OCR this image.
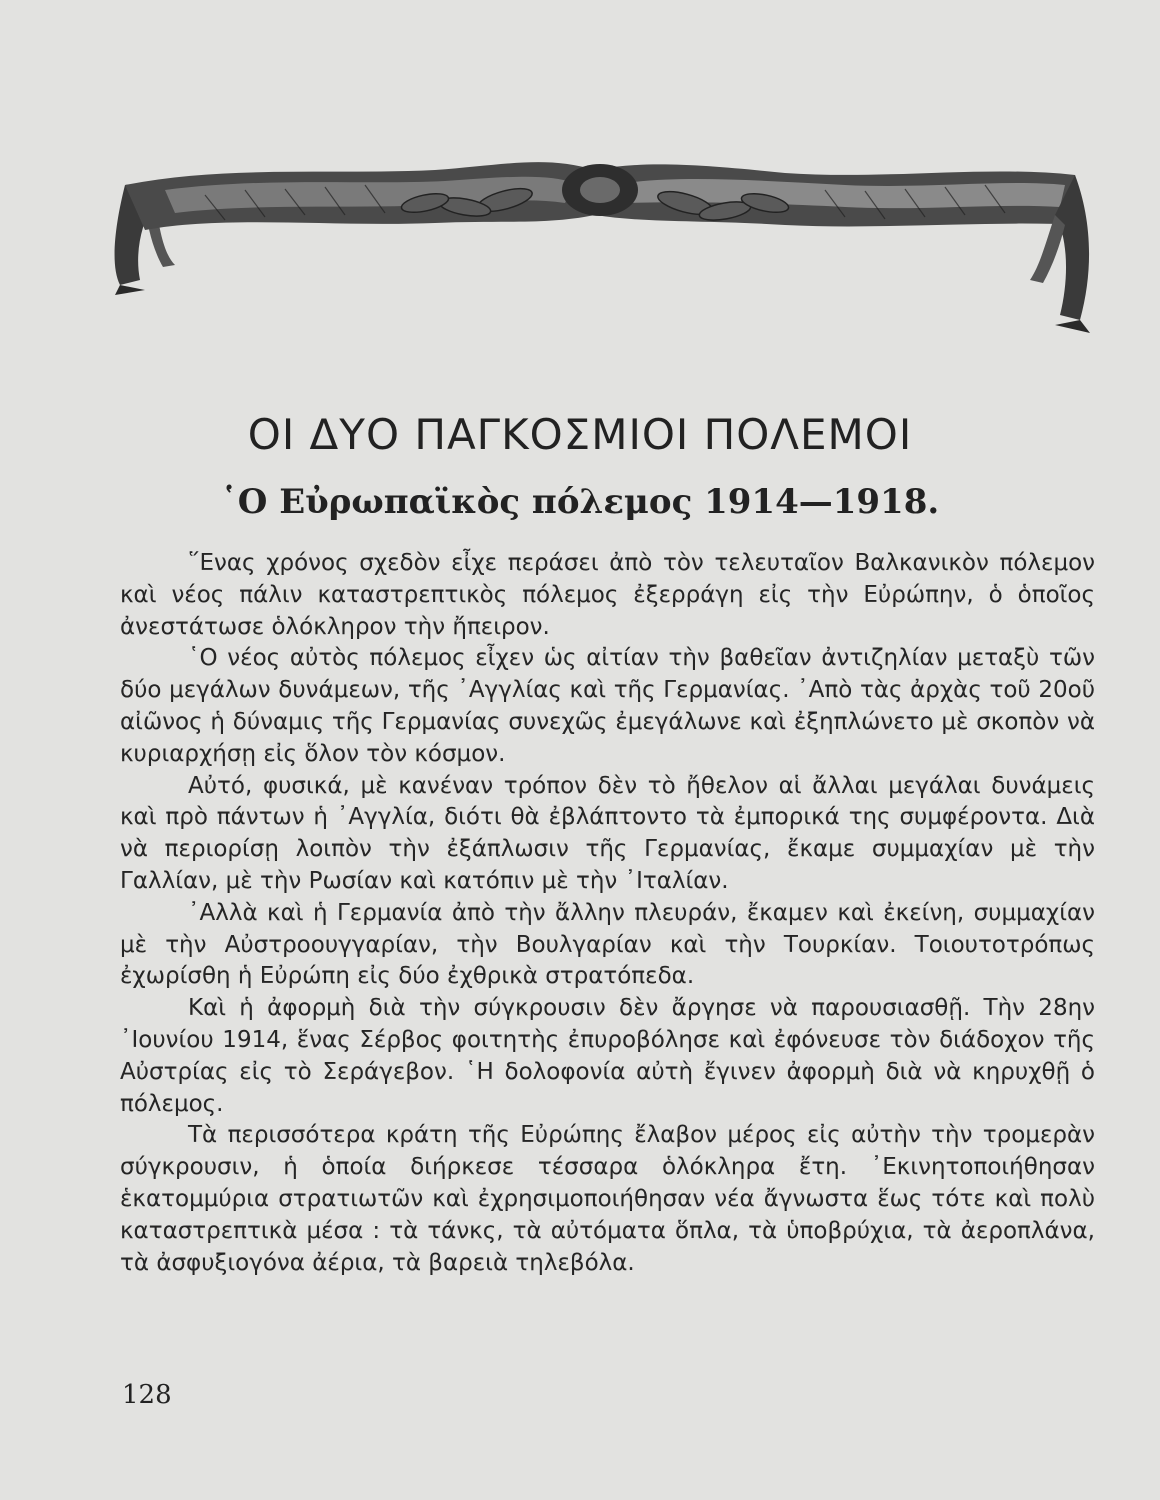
ΟΙ ΔΥΟ ΠΑΓΚΟΣΜΙΟΙ ΠΟΛΕΜΟΙ
῾Ο Εὐρωπαϊκὸς πόλεμος 1914—1918.

῞Ενας χρόνος σχεδὸν εἶχε περάσει ἀπὸ τὸν τελευταῖον Βαλκανικὸν πόλεμον καὶ νέος πάλιν καταστρεπτικὸς πόλεμος ἐξερράγη εἰς τὴν Εὐρώπην, ὁ ὁποῖος ἀνεστάτωσε ὁλόκληρον τὴν ἤπειρον.

῾Ο νέος αὐτὸς πόλεμος εἶχεν ὡς αἰτίαν τὴν βαθεῖαν ἀντιζηλίαν μεταξὺ τῶν δύο μεγάλων δυνάμεων, τῆς ᾿Αγγλίας καὶ τῆς Γερμανίας. ᾿Απὸ τὰς ἀρχὰς τοῦ 20οῦ αἰῶνος ἡ δύναμις τῆς Γερμανίας συνεχῶς ἐμεγάλωνε καὶ ἐξηπλώνετο μὲ σκοπὸν νὰ κυριαρχήσῃ εἰς ὅλον τὸν κόσμον.

Αὐτό, φυσικά, μὲ κανέναν τρόπον δὲν τὸ ἤθελον αἱ ἄλλαι μεγάλαι δυνάμεις καὶ πρὸ πάντων ἡ ᾿Αγγλία, διότι θὰ ἐβλάπτοντο τὰ ἐμπορικά της συμφέροντα. Διὰ νὰ περιορίσῃ λοιπὸν τὴν ἐξάπλωσιν τῆς Γερμανίας, ἔκαμε συμμαχίαν μὲ τὴν Γαλλίαν, μὲ τὴν Ρωσίαν καὶ κατόπιν μὲ τὴν ᾿Ιταλίαν.

᾿Αλλὰ καὶ ἡ Γερμανία ἀπὸ τὴν ἄλλην πλευράν, ἔκαμεν καὶ ἐκείνη, συμμαχίαν μὲ τὴν Αὐστροουγγαρίαν, τὴν Βουλγαρίαν καὶ τὴν Τουρκίαν. Τοιουτοτρόπως ἐχωρίσθη ἡ Εὐρώπη εἰς δύο ἐχθρικὰ στρατόπεδα.

Καὶ ἡ ἀφορμὴ διὰ τὴν σύγκρουσιν δὲν ἄργησε νὰ παρουσιασθῇ. Τὴν 28ην ᾿Ιουνίου 1914, ἕνας Σέρβος φοιτητὴς ἐπυροβόλησε καὶ ἐφόνευσε τὸν διάδοχον τῆς Αὐστρίας εἰς τὸ Σεράγεβον. ῾Η δολοφονία αὐτὴ ἔγινεν ἀφορμὴ διὰ νὰ κηρυχθῇ ὁ πόλεμος.

Τὰ περισσότερα κράτη τῆς Εὐρώπης ἔλαβον μέρος εἰς αὐτὴν τὴν τρομερὰν σύγκρουσιν, ἡ ὁποία διήρκεσε τέσσαρα ὁλόκληρα ἔτη. ᾿Εκινητοποιήθησαν ἑκατομμύρια στρατιωτῶν καὶ ἐχρησιμοποιήθησαν νέα ἄγνωστα ἕως τότε καὶ πολὺ καταστρεπτικὰ μέσα : τὰ τάνκς, τὰ αὐτόματα ὅπλα, τὰ ὑποβρύχια, τὰ ἀεροπλάνα, τὰ ἀσφυξιογόνα ἀέρια, τὰ βαρειὰ τηλεβόλα.

128
